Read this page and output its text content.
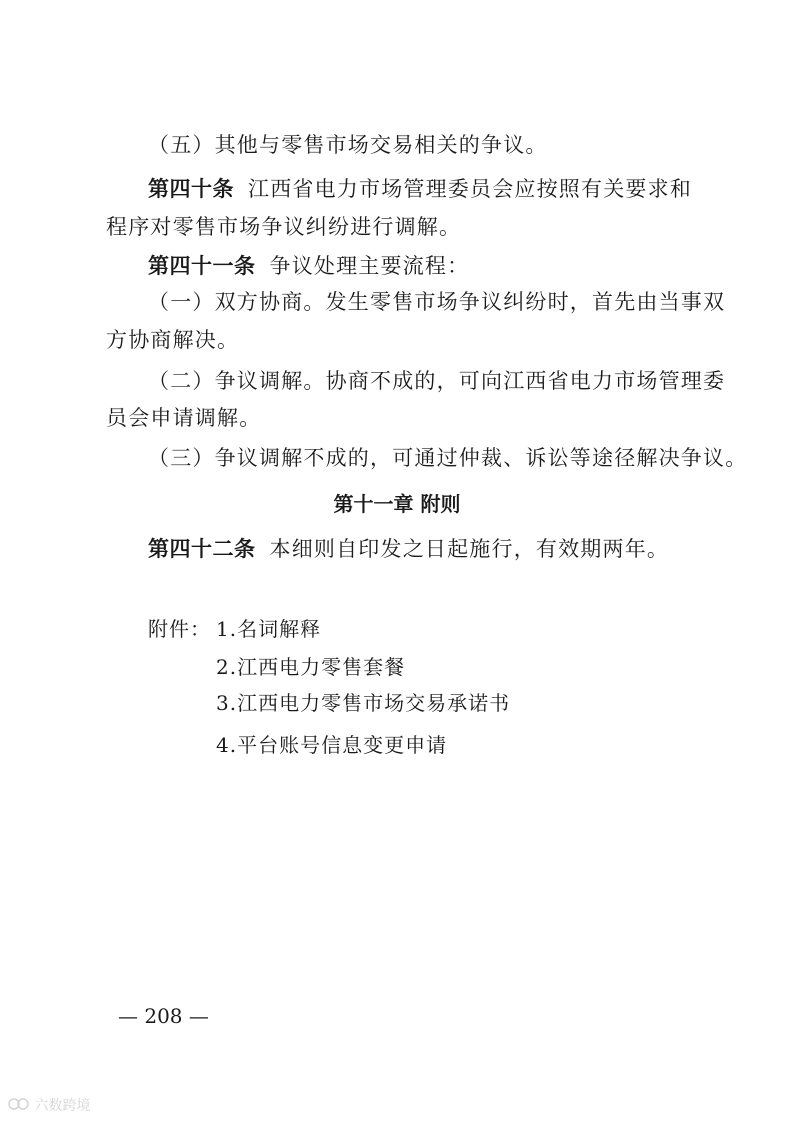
（五）其他与零售市场交易相关的争议。
第四十条 江西省电力市场管理委员会应按照有关要求和
程序对零售市场争议纠纷进行调解。
第四十一条 争议处理主要流程：
（一）双方协商。发生零售市场争议纠纷时，首先由当事双
方协商解决。
（二）争议调解。协商不成的，可向江西省电力市场管理委
员会申请调解。
（三）争议调解不成的，可通过仲裁、诉讼等途径解决争议。
第十一章 附则
第四十二条 本细则自印发之日起施行，有效期两年。
附件： 1.名词解释
2.江西电力零售套餐
3.江西电力零售市场交易承诺书
4.平台账号信息变更申请
— 208 —
六数跨境
